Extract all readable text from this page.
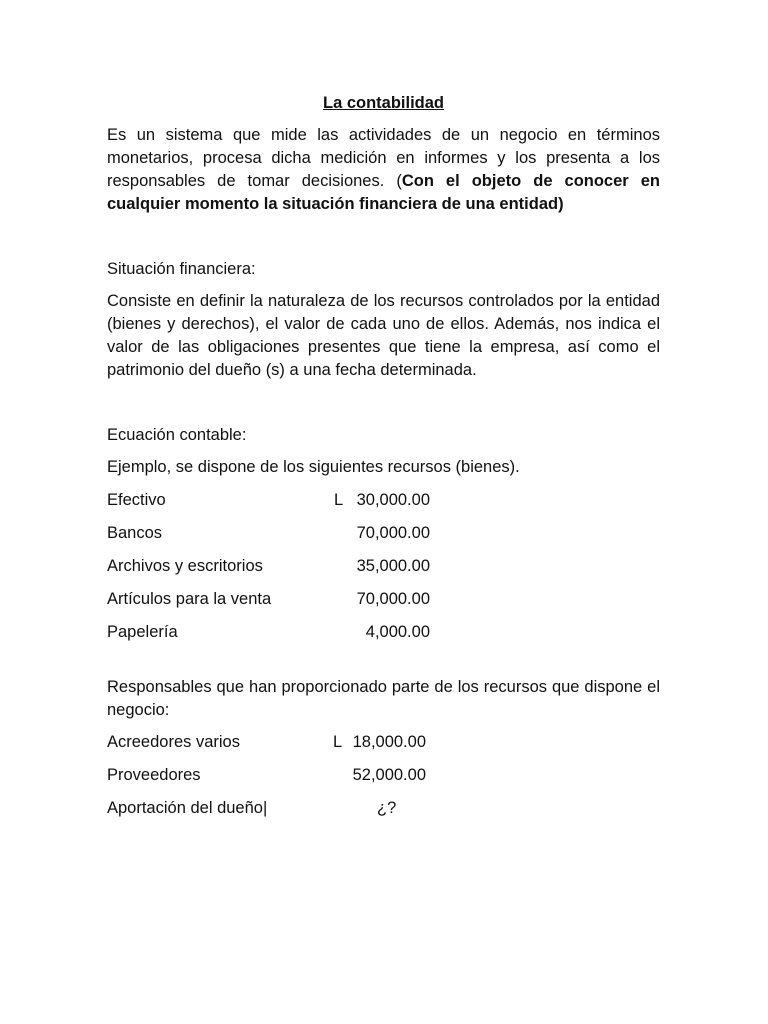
La contabilidad

Es un sistema que mide las actividades de un negocio en términos monetarios, procesa dicha medición en informes y los presenta a los responsables de tomar decisiones. (Con el objeto de conocer en cualquier momento la situación financiera de una entidad)

Situación financiera:

Consiste en definir la naturaleza de los recursos controlados por la entidad (bienes y derechos), el valor de cada uno de ellos. Además, nos indica el valor de las obligaciones presentes que tiene la empresa, así como el patrimonio del dueño (s) a una fecha determinada.

Ecuación contable:

Ejemplo, se dispone de los siguientes recursos (bienes).

Efectivo	L 30,000.00
Bancos	70,000.00
Archivos y escritorios	35,000.00
Artículos para la venta	70,000.00
Papelería	4,000.00

Responsables que han proporcionado parte de los recursos que dispone el negocio:

Acreedores varios	L 18,000.00
Proveedores	52,000.00
Aportación del dueño|	¿?
